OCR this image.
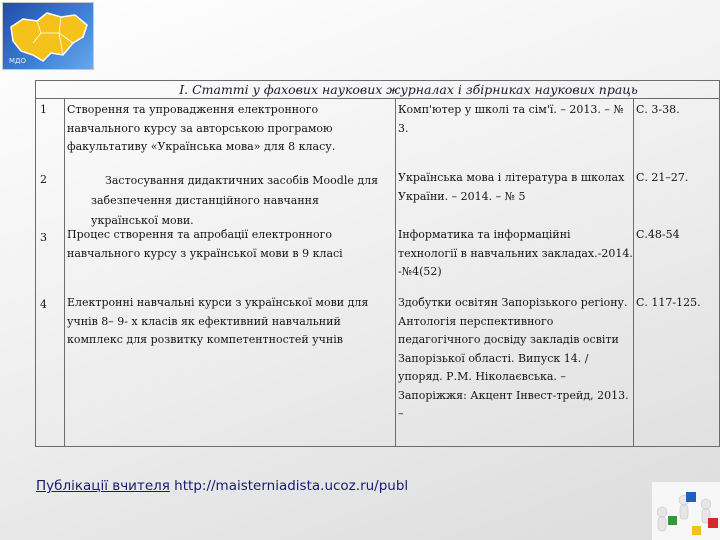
МДО
І. Статті у фахових наукових журналах і збірниках наукових праць
1 Створення та упровадження електронного
навчального курсу за авторською програмою
факультативу «Українська мова» для 8 класу.
Комп'ютер у школі та сім'ї. – 2013. – №
3.
С. 3-38.
2	Застосування дидактичних засобів Moodle для
забезпечення дистанційного навчання
української мови.
Українська мова і література в школах
України. – 2014. – № 5
С. 21–27.
3 Процес створення та апробації електронного
навчального курсу з української мови в 9 класі
Інформатика та інформаційні
технології в навчальних закладах.-2014.
-№4(52)
С.48-54
4 Електронні навчальні курси з української мови для
учнів 8– 9- х класів як ефективний навчальний
комплекс для розвитку компетентностей учнів
Здобутки освітян Запорізького регіону.
Антологія перспективного
педагогічного досвіду закладів освіти
Запорізької області. Випуск 14. /
упоряд. Р.М. Ніколаєвська. –
Запоріжжя: Акцент Інвест-трейд, 2013.
–
С. 117-125.
Публікації вчителя http://maisterniadista.ucoz.ru/publ
